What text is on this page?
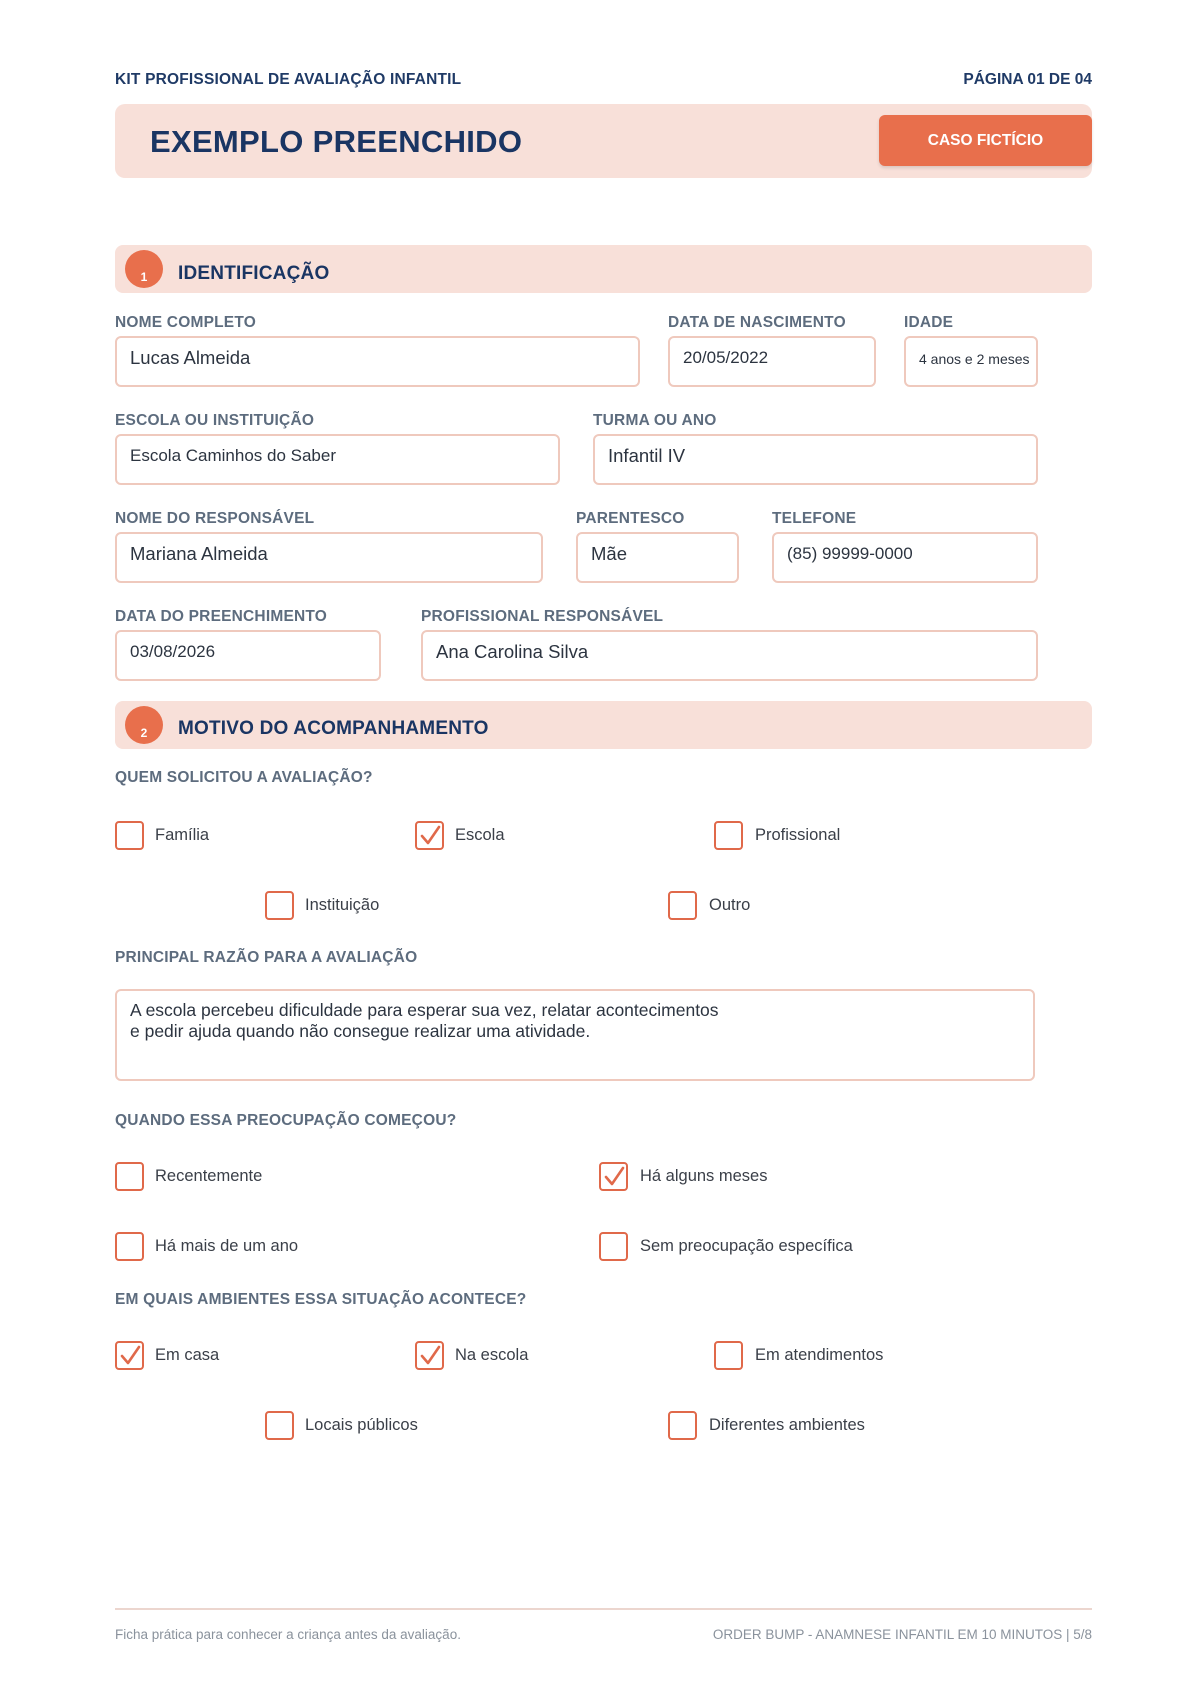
KIT PROFISSIONAL DE AVALIAÇÃO INFANTIL	PÁGINA 01 DE 04
EXEMPLO PREENCHIDO	CASO FICTÍCIO
1	IDENTIFICAÇÃO
NOME COMPLETO
Lucas Almeida
DATA DE NASCIMENTO
20/05/2022
IDADE
4 anos e 2 meses
ESCOLA OU INSTITUIÇÃO
Escola Caminhos do Saber
TURMA OU ANO
Infantil IV
NOME DO RESPONSÁVEL
Mariana Almeida
PARENTESCO
Mãe
TELEFONE
(85) 99999-0000
DATA DO PREENCHIMENTO
03/08/2026
PROFISSIONAL RESPONSÁVEL
Ana Carolina Silva
2	MOTIVO DO ACOMPANHAMENTO
QUEM SOLICITOU A AVALIAÇÃO?
Família	Escola	Profissional
Instituição	Outro
PRINCIPAL RAZÃO PARA A AVALIAÇÃO
A escola percebeu dificuldade para esperar sua vez, relatar acontecimentos
e pedir ajuda quando não consegue realizar uma atividade.
QUANDO ESSA PREOCUPAÇÃO COMEÇOU?
Recentemente	Há alguns meses
Há mais de um ano	Sem preocupação específica
EM QUAIS AMBIENTES ESSA SITUAÇÃO ACONTECE?
Em casa	Na escola	Em atendimentos
Locais públicos	Diferentes ambientes
Ficha prática para conhecer a criança antes da avaliação.	ORDER BUMP - ANAMNESE INFANTIL EM 10 MINUTOS | 5/8
